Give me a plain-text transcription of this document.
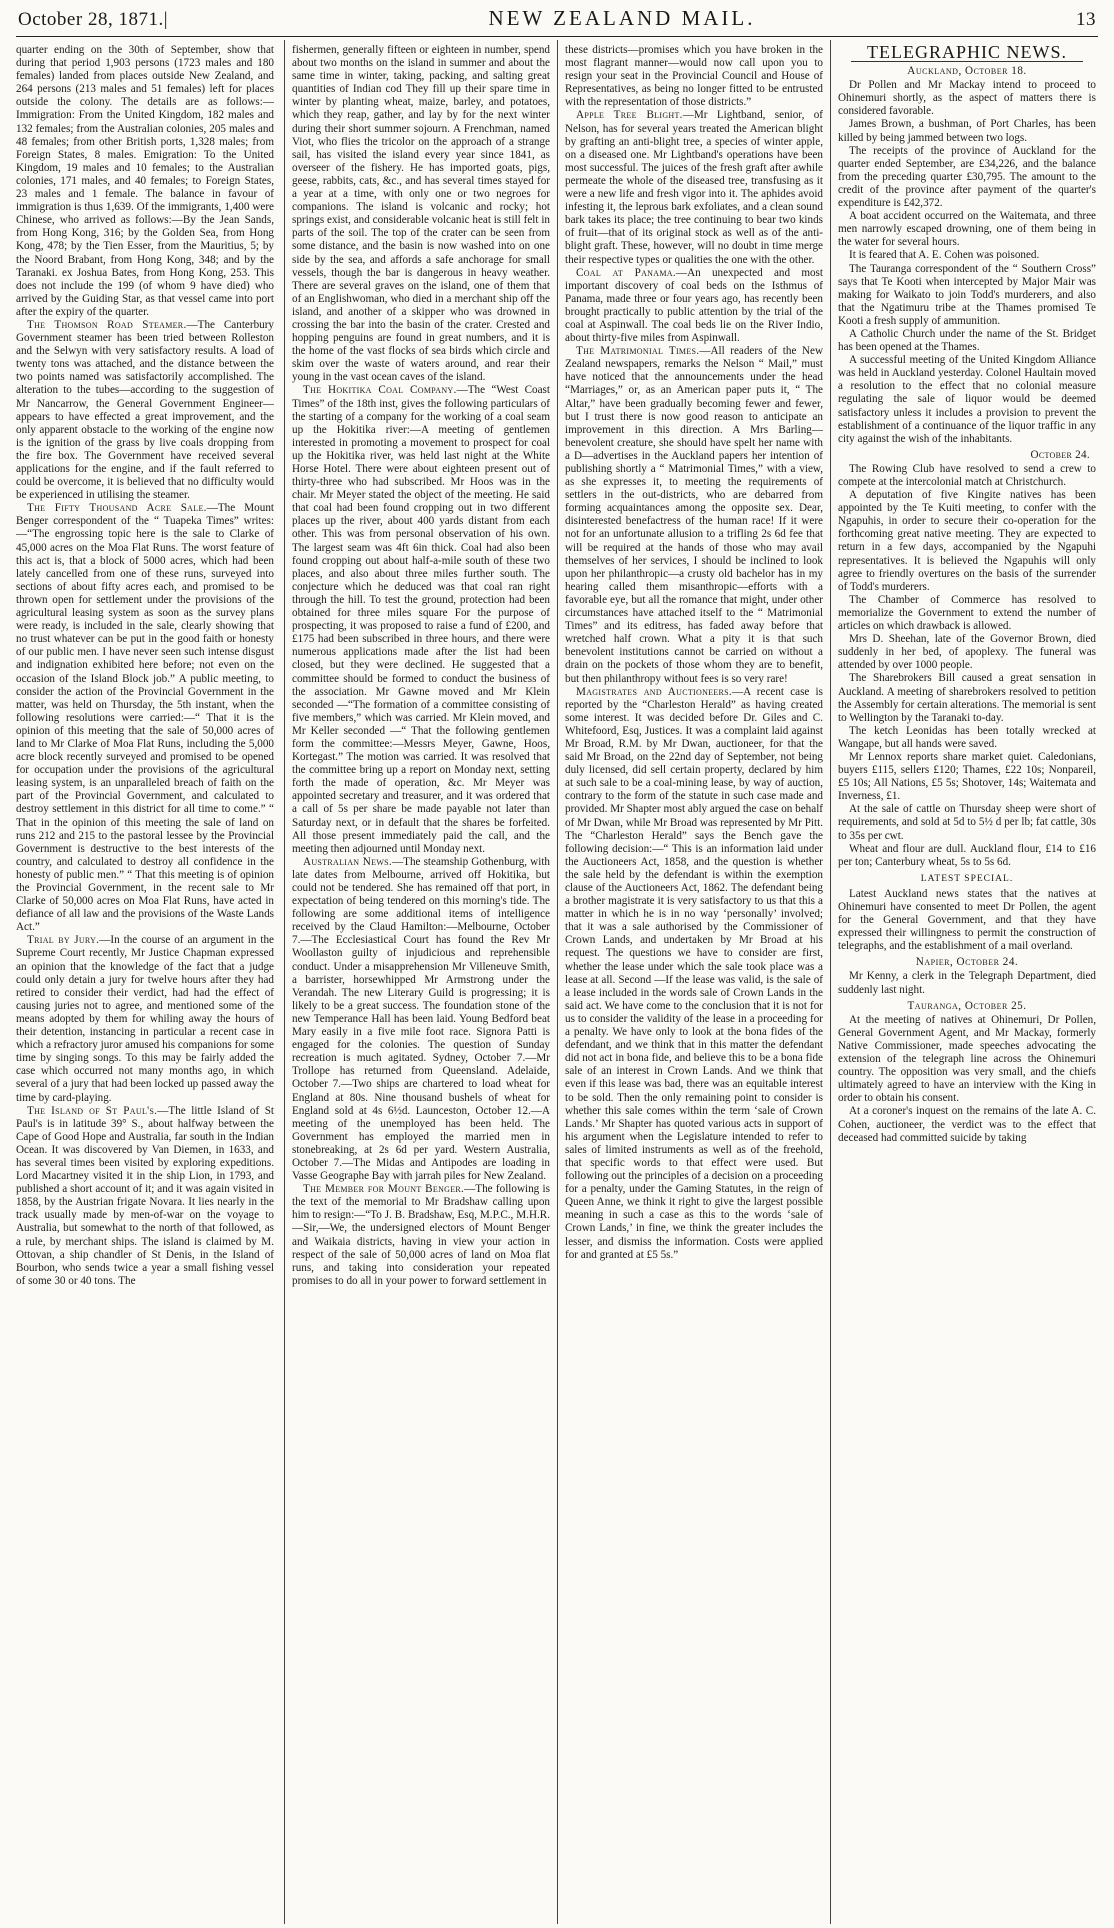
October 28, 1871.|	NEW ZEALAND MAIL.	13

quarter ending on the 30th of September, show that during that period 1,903 persons (1723 males and 180 females) landed from places outside New Zealand, and 264 persons (213 males and 51 females) left for places outside the colony. The details are as follows:—Immigration: From the United Kingdom, 182 males and 132 females; from the Australian colonies, 205 males and 48 females; from other British ports, 1,328 males; from Foreign States, 8 males. Emigration: To the United Kingdom, 19 males and 10 females; to the Australian colonies, 171 males, and 40 females; to Foreign States, 23 males and 1 female. The balance in favour of immigration is thus 1,639. Of the immigrants, 1,400 were Chinese, who arrived as follows:—By the Jean Sands, from Hong Kong, 316; by the Golden Sea, from Hong Kong, 478; by the Tien Esser, from the Mauritius, 5; by the Noord Brabant, from Hong Kong, 348; and by the Taranaki. ex Joshua Bates, from Hong Kong, 253. This does not include the 199 (of whom 9 have died) who arrived by the Guiding Star, as that vessel came into port after the expiry of the quarter.

The Thomson Road Steamer.—The Canterbury Government steamer has been tried between Rolleston and the Selwyn with very satisfactory results. A load of twenty tons was attached, and the distance between the two points named was satisfactorily accomplished. The alteration to the tubes—according to the suggestion of Mr Nancarrow, the General Government Engineer—appears to have effected a great improvement, and the only apparent obstacle to the working of the engine now is the ignition of the grass by live coals dropping from the fire box. The Government have received several applications for the engine, and if the fault referred to could be overcome, it is believed that no difficulty would be experienced in utilising the steamer.

The Fifty Thousand Acre Sale.—The Mount Benger correspondent of the “ Tuapeka Times” writes:—“The engrossing topic here is the sale to Clarke of 45,000 acres on the Moa Flat Runs. The worst feature of this act is, that a block of 5000 acres, which had been lately cancelled from one of these runs, surveyed into sections of about fifty acres each, and promised to be thrown open for settlement under the provisions of the agricultural leasing system as soon as the survey plans were ready, is included in the sale, clearly showing that no trust whatever can be put in the good faith or honesty of our public men. I have never seen such intense disgust and indignation exhibited here before; not even on the occasion of the Island Block job.” A public meeting, to consider the action of the Provincial Government in the matter, was held on Thursday, the 5th instant, when the following resolutions were carried:—“ That it is the opinion of this meeting that the sale of 50,000 acres of land to Mr Clarke of Moa Flat Runs, including the 5,000 acre block recently surveyed and promised to be opened for occupation under the provisions of the agricultural leasing system, is an unparalleled breach of faith on the part of the Provincial Government, and calculated to destroy settlement in this district for all time to come.” “ That in the opinion of this meeting the sale of land on runs 212 and 215 to the pastoral lessee by the Provincial Government is destructive to the best interests of the country, and calculated to destroy all confidence in the honesty of public men.” “ That this meeting is of opinion the Provincial Government, in the recent sale to Mr Clarke of 50,000 acres on Moa Flat Runs, have acted in defiance of all law and the provisions of the Waste Lands Act.”

Trial by Jury.—In the course of an argument in the Supreme Court recently, Mr Justice Chapman expressed an opinion that the knowledge of the fact that a judge could only detain a jury for twelve hours after they had retired to consider their verdict, had had the effect of causing juries not to agree, and mentioned some of the means adopted by them for whiling away the hours of their detention, instancing in particular a recent case in which a refractory juror amused his companions for some time by singing songs. To this may be fairly added the case which occurred not many months ago, in which several of a jury that had been locked up passed away the time by card-playing.

The Island of St Paul's.—The little Island of St Paul's is in latitude 39° S., about halfway between the Cape of Good Hope and Australia, far south in the Indian Ocean. It was discovered by Van Diemen, in 1633, and has several times been visited by exploring expeditions. Lord Macartney visited it in the ship Lion, in 1793, and published a short account of it; and it was again visited in 1858, by the Austrian frigate Novara. It lies nearly in the track usually made by men-of-war on the voyage to Australia, but somewhat to the north of that followed, as a rule, by merchant ships. The island is claimed by M. Ottovan, a ship chandler of St Denis, in the Island of Bourbon, who sends twice a year a small fishing vessel of some 30 or 40 tons. The

fishermen, generally fifteen or eighteen in number, spend about two months on the island in summer and about the same time in winter, taking, packing, and salting great quantities of Indian cod They fill up their spare time in winter by planting wheat, maize, barley, and potatoes, which they reap, gather, and lay by for the next winter during their short summer sojourn. A Frenchman, named Viot, who flies the tricolor on the approach of a strange sail, has visited the island every year since 1841, as overseer of the fishery. He has imported goats, pigs, geese, rabbits, cats, &c., and has several times stayed for a year at a time, with only one or two negroes for companions. The island is volcanic and rocky; hot springs exist, and considerable volcanic heat is still felt in parts of the soil. The top of the crater can be seen from some distance, and the basin is now washed into on one side by the sea, and affords a safe anchorage for small vessels, though the bar is dangerous in heavy weather. There are several graves on the island, one of them that of an Englishwoman, who died in a merchant ship off the island, and another of a skipper who was drowned in crossing the bar into the basin of the crater. Crested and hopping penguins are found in great numbers, and it is the home of the vast flocks of sea birds which circle and skim over the waste of waters around, and rear their young in the vast ocean caves of the island.

The Hokitika Coal Company.—The “West Coast Times” of the 18th inst, gives the following particulars of the starting of a company for the working of a coal seam up the Hokitika river:—A meeting of gentlemen interested in promoting a movement to prospect for coal up the Hokitika river, was held last night at the White Horse Hotel. There were about eighteen present out of thirty-three who had subscribed. Mr Hoos was in the chair. Mr Meyer stated the object of the meeting. He said that coal had been found cropping out in two different places up the river, about 400 yards distant from each other. This was from personal observation of his own. The largest seam was 4ft 6in thick. Coal had also been found cropping out about half-a-mile south of these two places, and also about three miles further south. The conjecture which he deduced was that coal ran right through the hill. To test the ground, protection had been obtained for three miles square For the purpose of prospecting, it was proposed to raise a fund of £200, and £175 had been subscribed in three hours, and there were numerous applications made after the list had been closed, but they were declined. He suggested that a committee should be formed to conduct the business of the association. Mr Gawne moved and Mr Klein seconded —“The formation of a committee consisting of five members,” which was carried. Mr Klein moved, and Mr Keller seconded —“ That the following gentlemen form the committee:—Messrs Meyer, Gawne, Hoos, Kortegast.” The motion was carried. It was resolved that the committee bring up a report on Monday next, setting forth the made of operation, &c. Mr Meyer was appointed secretary and treasurer, and it was ordered that a call of 5s per share be made payable not later than Saturday next, or in default that the shares be forfeited. All those present immediately paid the call, and the meeting then adjourned until Monday next.

Australian News.—The steamship Gothenburg, with late dates from Melbourne, arrived off Hokitika, but could not be tendered. She has remained off that port, in expectation of being tendered on this morning's tide. The following are some additional items of intelligence received by the Claud Hamilton:—Melbourne, October 7.—The Ecclesiastical Court has found the Rev Mr Woollaston guilty of injudicious and reprehensible conduct. Under a misapprehension Mr Villeneuve Smith, a barrister, horsewhipped Mr Armstrong under the Verandah. The new Literary Guild is progressing; it is likely to be a great success. The foundation stone of the new Temperance Hall has been laid. Young Bedford beat Mary easily in a five mile foot race. Signora Patti is engaged for the colonies. The question of Sunday recreation is much agitated. Sydney, October 7.—Mr Trollope has returned from Queensland. Adelaide, October 7.—Two ships are chartered to load wheat for England at 80s. Nine thousand bushels of wheat for England sold at 4s 6½d. Launceston, October 12.—A meeting of the unemployed has been held. The Government has employed the married men in stonebreaking, at 2s 6d per yard. Western Australia, October 7.—The Midas and Antipodes are loading in Vasse Geographe Bay with jarrah piles for New Zealand.

The Member for Mount Benger.—The following is the text of the memorial to Mr Bradshaw calling upon him to resign:—“To J. B. Bradshaw, Esq, M.P.C., M.H.R.—Sir,—We, the undersigned electors of Mount Benger and Waikaia districts, having in view your action in respect of the sale of 50,000 acres of land on Moa flat runs, and taking into consideration your repeated promises to do all in your power to forward settlement in

these districts—promises which you have broken in the most flagrant manner—would now call upon you to resign your seat in the Provincial Council and House of Representatives, as being no longer fitted to be entrusted with the representation of those districts.”

Apple Tree Blight.—Mr Lightband, senior, of Nelson, has for several years treated the American blight by grafting an anti-blight tree, a species of winter apple, on a diseased one. Mr Lightband's operations have been most successful. The juices of the fresh graft after awhile permeate the whole of the diseased tree, transfusing as it were a new life and fresh vigor into it. The aphides avoid infesting it, the leprous bark exfoliates, and a clean sound bark takes its place; the tree continuing to bear two kinds of fruit—that of its original stock as well as of the anti-blight graft. These, however, will no doubt in time merge their respective types or qualities the one with the other.

Coal at Panama.—An unexpected and most important discovery of coal beds on the Isthmus of Panama, made three or four years ago, has recently been brought practically to public attention by the trial of the coal at Aspinwall. The coal beds lie on the River Indio, about thirty-five miles from Aspinwall.

The Matrimonial Times.—All readers of the New Zealand newspapers, remarks the Nelson “ Mail,” must have noticed that the announcements under the head “Marriages,” or, as an American paper puts it, “ The Altar,” have been gradually becoming fewer and fewer, but I trust there is now good reason to anticipate an improvement in this direction. A Mrs Barling—benevolent creature, she should have spelt her name with a D—advertises in the Auckland papers her intention of publishing shortly a “ Matrimonial Times,” with a view, as she expresses it, to meeting the requirements of settlers in the out-districts, who are debarred from forming acquaintances among the opposite sex. Dear, disinterested benefactress of the human race! If it were not for an unfortunate allusion to a trifling 2s 6d fee that will be required at the hands of those who may avail themselves of her services, I should be inclined to look upon her philanthropic—a crusty old bachelor has in my hearing called them misanthropic—efforts with a favorable eye, but all the romance that might, under other circumstances have attached itself to the “ Matrimonial Times” and its editress, has faded away before that wretched half crown. What a pity it is that such benevolent institutions cannot be carried on without a drain on the pockets of those whom they are to benefit, but then philanthropy without fees is so very rare!

Magistrates and Auctioneers.—A recent case is reported by the “Charleston Herald” as having created some interest. It was decided before Dr. Giles and C. Whitefoord, Esq, Justices. It was a complaint laid against Mr Broad, R.M. by Mr Dwan, auctioneer, for that the said Mr Broad, on the 22nd day of September, not being duly licensed, did sell certain property, declared by him at such sale to be a coal-mining lease, by way of auction, contrary to the form of the statute in such case made and provided. Mr Shapter most ably argued the case on behalf of Mr Dwan, while Mr Broad was represented by Mr Pitt. The “Charleston Herald” says the Bench gave the following decision:—“ This is an information laid under the Auctioneers Act, 1858, and the question is whether the sale held by the defendant is within the exemption clause of the Auctioneers Act, 1862. The defendant being a brother magistrate it is very satisfactory to us that this a matter in which he is in no way ‘personally’ involved; that it was a sale authorised by the Commissioner of Crown Lands, and undertaken by Mr Broad at his request. The questions we have to consider are first, whether the lease under which the sale took place was a lease at all. Second —If the lease was valid, is the sale of a lease included in the words sale of Crown Lands in the said act. We have come to the conclusion that it is not for us to consider the validity of the lease in a proceeding for a penalty. We have only to look at the bona fides of the defendant, and we think that in this matter the defendant did not act in bona fide, and believe this to be a bona fide sale of an interest in Crown Lands. And we think that even if this lease was bad, there was an equitable interest to be sold. Then the only remaining point to consider is whether this sale comes within the term ‘sale of Crown Lands.’ Mr Shapter has quoted various acts in support of his argument when the Legislature intended to refer to sales of limited instruments as well as of the freehold, that specific words to that effect were used. But following out the principles of a decision on a proceeding for a penalty, under the Gaming Statutes, in the reign of Queen Anne, we think it right to give the largest possible meaning in such a case as this to the words ‘sale of Crown Lands,’ in fine, we think the greater includes the lesser, and dismiss the information. Costs were applied for and granted at £5 5s.”

TELEGRAPHIC NEWS.
Auckland, October 18.

Dr Pollen and Mr Mackay intend to proceed to Ohinemuri shortly, as the aspect of matters there is considered favorable.

James Brown, a bushman, of Port Charles, has been killed by being jammed between two logs.

The receipts of the province of Auckland for the quarter ended September, are £34,226, and the balance from the preceding quarter £30,795. The amount to the credit of the province after payment of the quarter's expenditure is £42,372.

A boat accident occurred on the Waitemata, and three men narrowly escaped drowning, one of them being in the water for several hours.

It is feared that A. E. Cohen was poisoned.

The Tauranga correspondent of the “ Southern Cross” says that Te Kooti when intercepted by Major Mair was making for Waikato to join Todd's murderers, and also that the Ngatimuru tribe at the Thames promised Te Kooti a fresh supply of ammunition.

A Catholic Church under the name of the St. Bridget has been opened at the Thames.

A successful meeting of the United Kingdom Alliance was held in Auckland yesterday. Colonel Haultain moved a resolution to the effect that no colonial measure regulating the sale of liquor would be deemed satisfactory unless it includes a provision to prevent the establishment of a continuance of the liquor traffic in any city against the wish of the inhabitants.

October 24.

The Rowing Club have resolved to send a crew to compete at the intercolonial match at Christchurch.

A deputation of five Kingite natives has been appointed by the Te Kuiti meeting, to confer with the Ngapuhis, in order to secure their co-operation for the forthcoming great native meeting. They are expected to return in a few days, accompanied by the Ngapuhi representatives. It is believed the Ngapuhis will only agree to friendly overtures on the basis of the surrender of Todd's murderers.

The Chamber of Commerce has resolved to memorialize the Government to extend the number of articles on which drawback is allowed.

Mrs D. Sheehan, late of the Governor Brown, died suddenly in her bed, of apoplexy. The funeral was attended by over 1000 people.

The Sharebrokers Bill caused a great sensation in Auckland. A meeting of sharebrokers resolved to petition the Assembly for certain alterations. The memorial is sent to Wellington by the Taranaki to-day.

The ketch Leonidas has been totally wrecked at Wangape, but all hands were saved.

Mr Lennox reports share market quiet. Caledonians, buyers £115, sellers £120; Thames, £22 10s; Nonpareil, £5 10s; All Nations, £5 5s; Shotover, 14s; Waitemata and Inverness, £1.

At the sale of cattle on Thursday sheep were short of requirements, and sold at 5d to 5½ d per lb; fat cattle, 30s to 35s per cwt.

Wheat and flour are dull. Auckland flour, £14 to £16 per ton; Canterbury wheat, 5s to 5s 6d.

LATEST SPECIAL.

Latest Auckland news states that the natives at Ohinemuri have consented to meet Dr Pollen, the agent for the General Government, and that they have expressed their willingness to permit the construction of telegraphs, and the establishment of a mail overland.

Napier, October 24.

Mr Kenny, a clerk in the Telegraph Department, died suddenly last night.

Tauranga, October 25.

At the meeting of natives at Ohinemuri, Dr Pollen, General Government Agent, and Mr Mackay, formerly Native Commissioner, made speeches advocating the extension of the telegraph line across the Ohinemuri country. The opposition was very small, and the chiefs ultimately agreed to have an interview with the King in order to obtain his consent.

At a coroner's inquest on the remains of the late A. C. Cohen, auctioneer, the verdict was to the effect that deceased had committed suicide by taking
